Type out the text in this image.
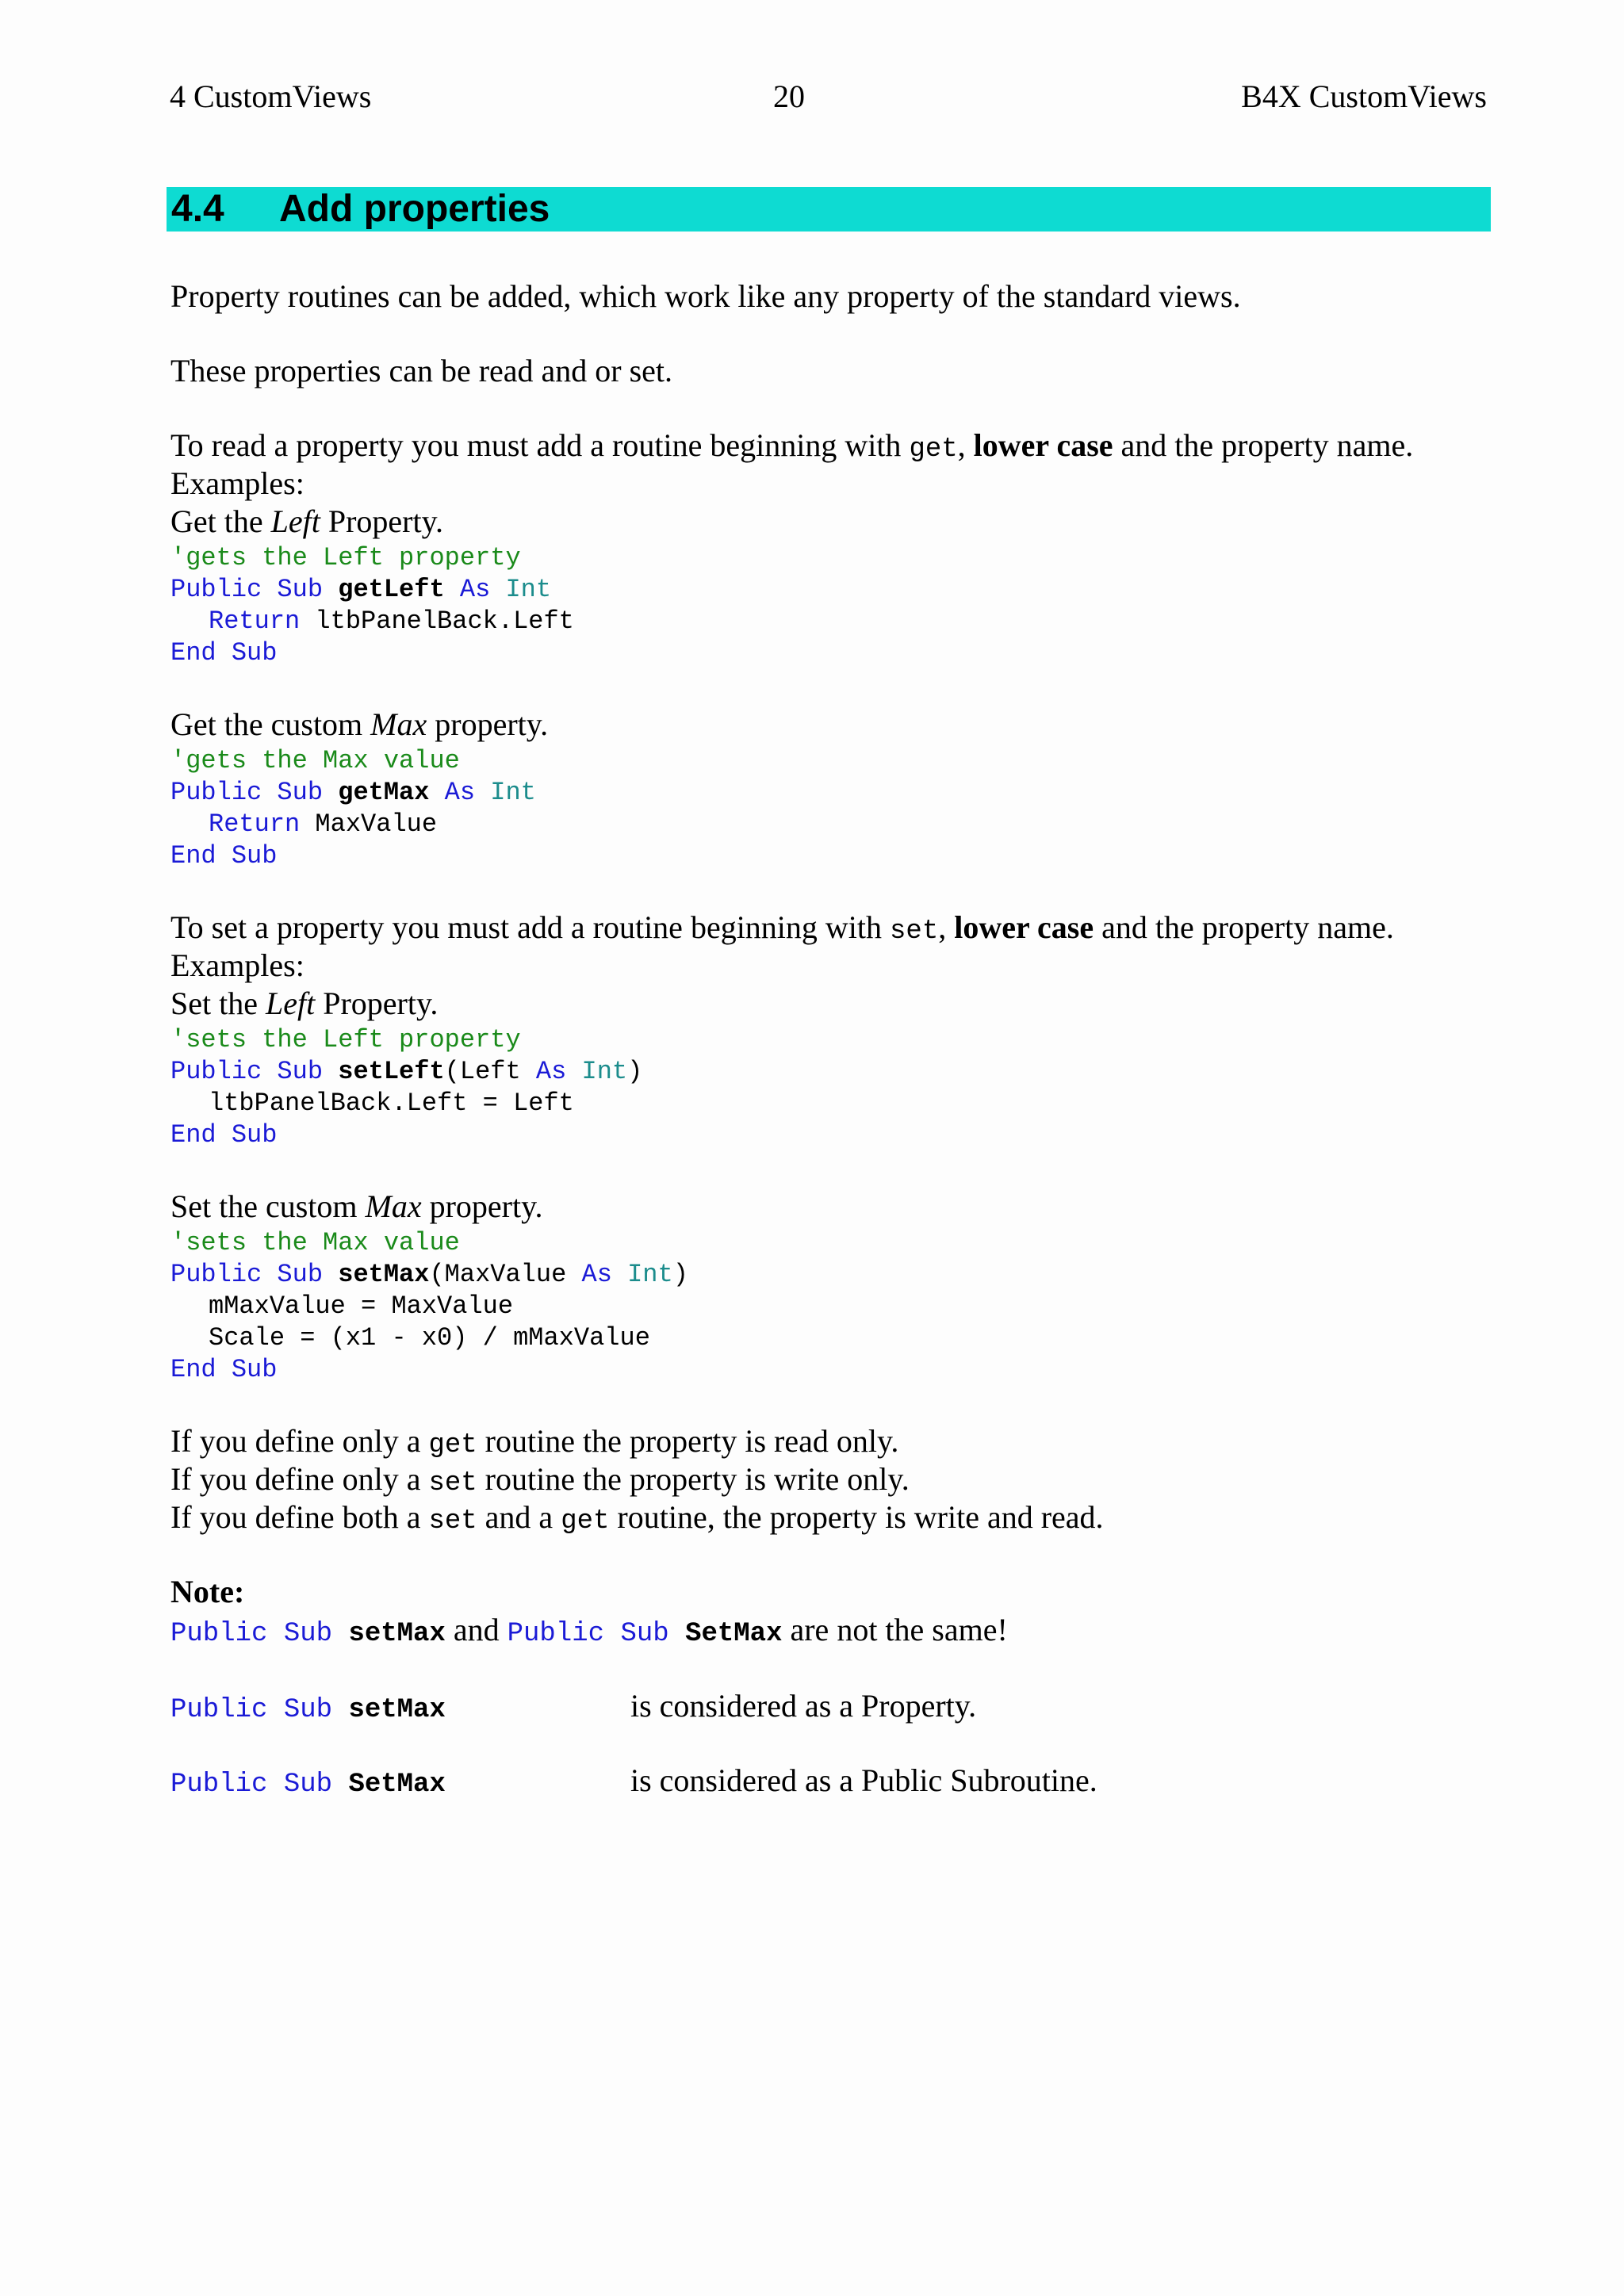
4 CustomViews	20	B4X CustomViews
4.4 Add properties
Property routines can be added, which work like any property of the standard views.
These properties can be read and or set.
To read a property you must add a routine beginning with get, lower case and the property name.
Examples:
Get the Left Property.
'gets the Left property
Public Sub getLeft As Int
Return ltbPanelBack.Left
End Sub
Get the custom Max property.
'gets the Max value
Public Sub getMax As Int
Return MaxValue
End Sub
To set a property you must add a routine beginning with set, lower case and the property name.
Examples:
Set the Left Property.
'sets the Left property
Public Sub setLeft(Left As Int)
ltbPanelBack.Left = Left
End Sub
Set the custom Max property.
'sets the Max value
Public Sub setMax(MaxValue As Int)
mMaxValue = MaxValue
Scale = (x1 - x0) / mMaxValue
End Sub
If you define only a get routine the property is read only.
If you define only a set routine the property is write only.
If you define both a set and a get routine, the property is write and read.
Note:
Public Sub setMax and Public Sub SetMax are not the same!
Public Sub setMax	is considered as a Property.
Public Sub SetMax	is considered as a Public Subroutine.
